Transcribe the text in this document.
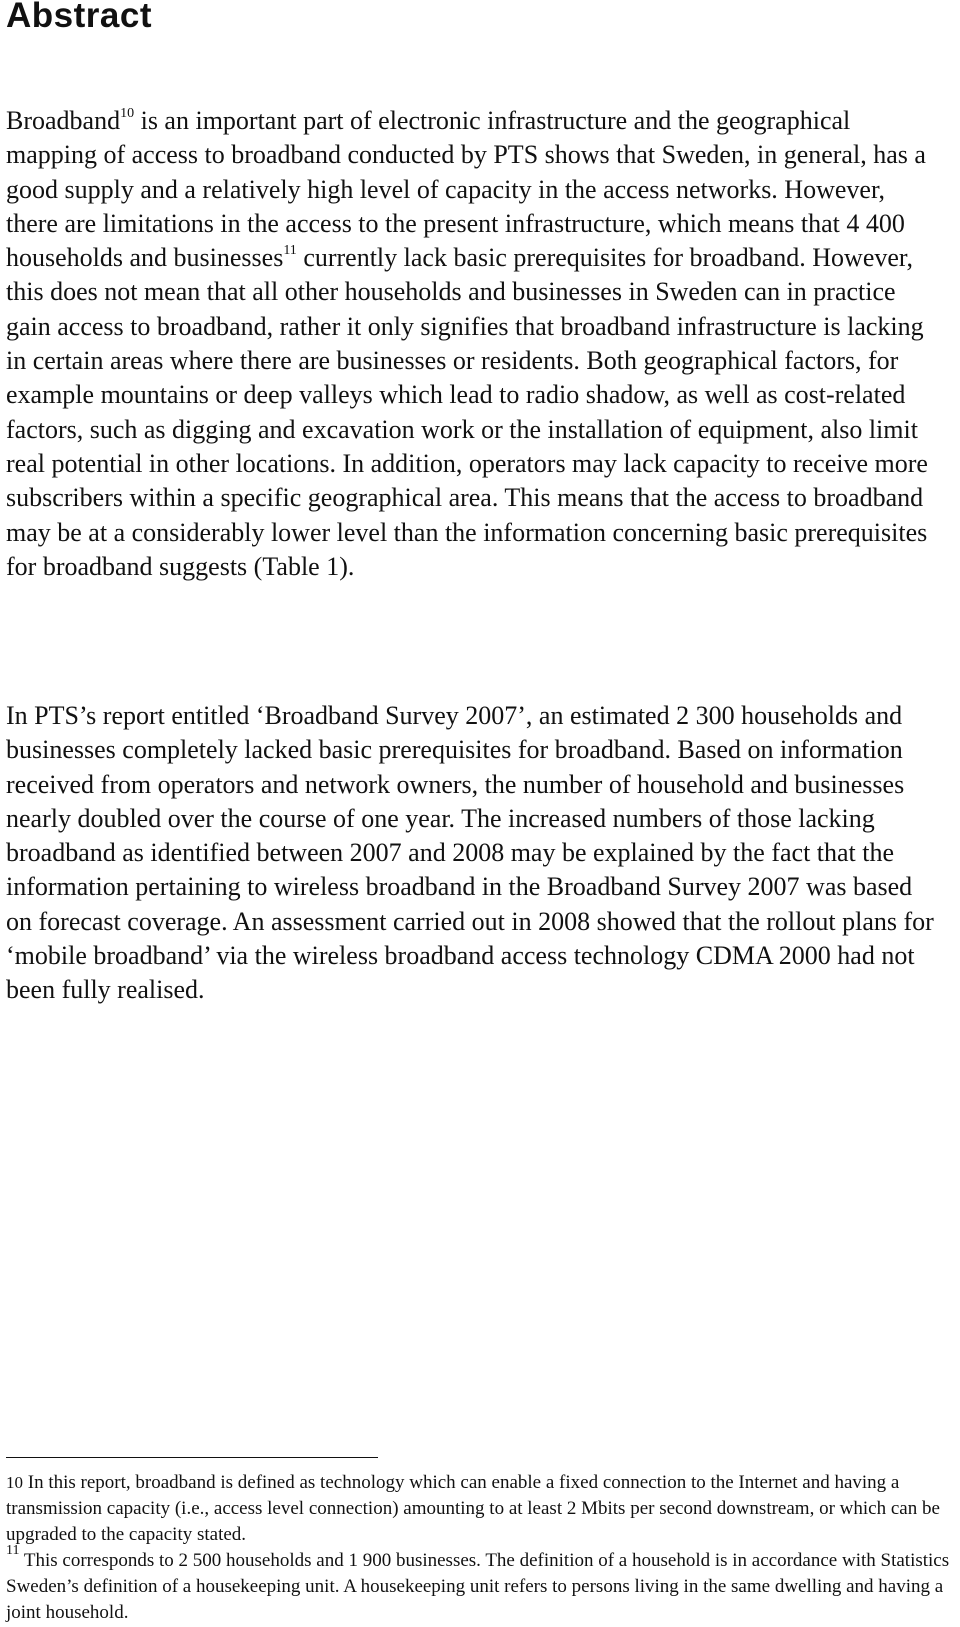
Abstract

Broadband$^{10}$ is an important part of electronic infrastructure and the geographical mapping of access to broadband conducted by PTS shows that Sweden, in general, has a good supply and a relatively high level of capacity in the access networks. However, there are limitations in the access to the present infrastructure, which means that 4 400 households and businesses$^{11}$ currently lack basic prerequisites for broadband. However, this does not mean that all other households and businesses in Sweden can in practice gain access to broadband, rather it only signifies that broadband infrastructure is lacking in certain areas where there are businesses or residents. Both geographical factors, for example mountains or deep valleys which lead to radio shadow, as well as cost-related factors, such as digging and excavation work or the installation of equipment, also limit real potential in other locations. In addition, operators may lack capacity to receive more subscribers within a specific geographical area. This means that the access to broadband may be at a considerably lower level than the information concerning basic prerequisites for broadband suggests (Table 1).

In PTS’s report entitled ‘Broadband Survey 2007’, an estimated 2 300 households and businesses completely lacked basic prerequisites for broadband. Based on information received from operators and network owners, the number of household and businesses nearly doubled over the course of one year. The increased numbers of those lacking broadband as identified between 2007 and 2008 may be explained by the fact that the information pertaining to wireless broadband in the Broadband Survey 2007 was based on forecast coverage. An assessment carried out in 2008 showed that the rollout plans for ‘mobile broadband’ via the wireless broadband access technology CDMA 2000 had not been fully realised.

10 In this report, broadband is defined as technology which can enable a fixed connection to the Internet and having a transmission capacity (i.e., access level connection) amounting to at least 2 Mbits per second downstream, or which can be upgraded to the capacity stated.

$^{11}$ This corresponds to 2 500 households and 1 900 businesses. The definition of a household is in accordance with Statistics Sweden’s definition of a housekeeping unit. A housekeeping unit refers to persons living in the same dwelling and having a joint household.
